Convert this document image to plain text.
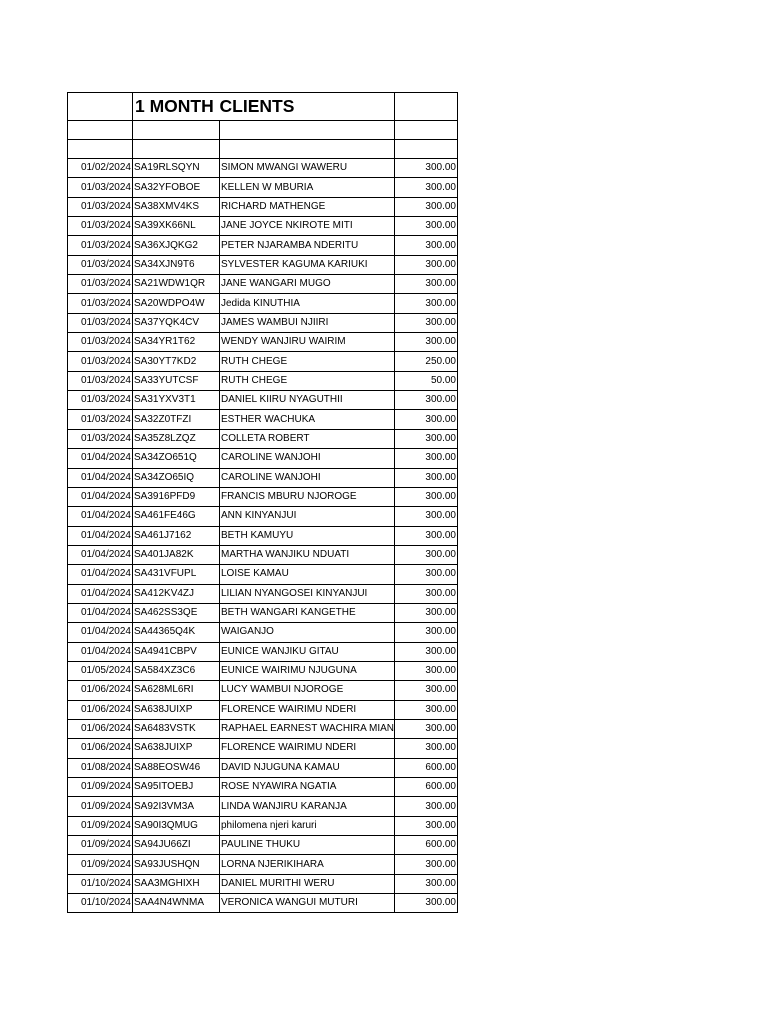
	1 MONTH	CLIENTS	

01/02/2024	SA19RLSQYN	SIMON MWANGI WAWERU	300.00
01/03/2024	SA32YFOBOE	KELLEN W MBURIA	300.00
01/03/2024	SA38XMV4KS	RICHARD MATHENGE	300.00
01/03/2024	SA39XK66NL	JANE JOYCE NKIROTE MITI	300.00
01/03/2024	SA36XJQKG2	PETER NJARAMBA NDERITU	300.00
01/03/2024	SA34XJN9T6	SYLVESTER KAGUMA KARIUKI	300.00
01/03/2024	SA21WDW1QR	JANE WANGARI MUGO	300.00
01/03/2024	SA20WDPO4W	Jedida KINUTHIA	300.00
01/03/2024	SA37YQK4CV	JAMES WAMBUI NJIIRI	300.00
01/03/2024	SA34YR1T62	WENDY WANJIRU WAIRIM	300.00
01/03/2024	SA30YT7KD2	RUTH CHEGE	250.00
01/03/2024	SA33YUTCSF	RUTH CHEGE	50.00
01/03/2024	SA31YXV3T1	DANIEL KIIRU NYAGUTHII	300.00
01/03/2024	SA32Z0TFZI	ESTHER WACHUKA	300.00
01/03/2024	SA35Z8LZQZ	COLLETA ROBERT	300.00
01/04/2024	SA34ZO651Q	CAROLINE WANJOHI	300.00
01/04/2024	SA34ZO65IQ	CAROLINE WANJOHI	300.00
01/04/2024	SA3916PFD9	FRANCIS MBURU NJOROGE	300.00
01/04/2024	SA461FE46G	ANN KINYANJUI	300.00
01/04/2024	SA461J7162	BETH KAMUYU	300.00
01/04/2024	SA401JA82K	MARTHA WANJIKU NDUATI	300.00
01/04/2024	SA431VFUPL	LOISE KAMAU	300.00
01/04/2024	SA412KV4ZJ	LILIAN NYANGOSEI KINYANJUI	300.00
01/04/2024	SA462SS3QE	BETH WANGARI KANGETHE	300.00
01/04/2024	SA44365Q4K	WAIGANJO	300.00
01/04/2024	SA4941CBPV	EUNICE WANJIKU GITAU	300.00
01/05/2024	SA584XZ3C6	EUNICE WAIRIMU NJUGUNA	300.00
01/06/2024	SA628ML6RI	LUCY WAMBUI NJOROGE	300.00
01/06/2024	SA638JUIXP	FLORENCE WAIRIMU NDERI	300.00
01/06/2024	SA6483VSTK	RAPHAEL EARNEST WACHIRA MIAN	300.00
01/06/2024	SA638JUIXP	FLORENCE WAIRIMU NDERI	300.00
01/08/2024	SA88EOSW46	DAVID NJUGUNA KAMAU	600.00
01/09/2024	SA95ITOEBJ	ROSE NYAWIRA NGATIA	600.00
01/09/2024	SA92I3VM3A	LINDA WANJIRU KARANJA	300.00
01/09/2024	SA90I3QMUG	philomena njeri karuri	300.00
01/09/2024	SA94JU66ZI	PAULINE THUKU	600.00
01/09/2024	SA93JUSHQN	LORNA NJERIKIHARA	300.00
01/10/2024	SAA3MGHIXH	DANIEL MURITHI WERU	300.00
01/10/2024	SAA4N4WNMA	VERONICA WANGUI MUTURI	300.00
